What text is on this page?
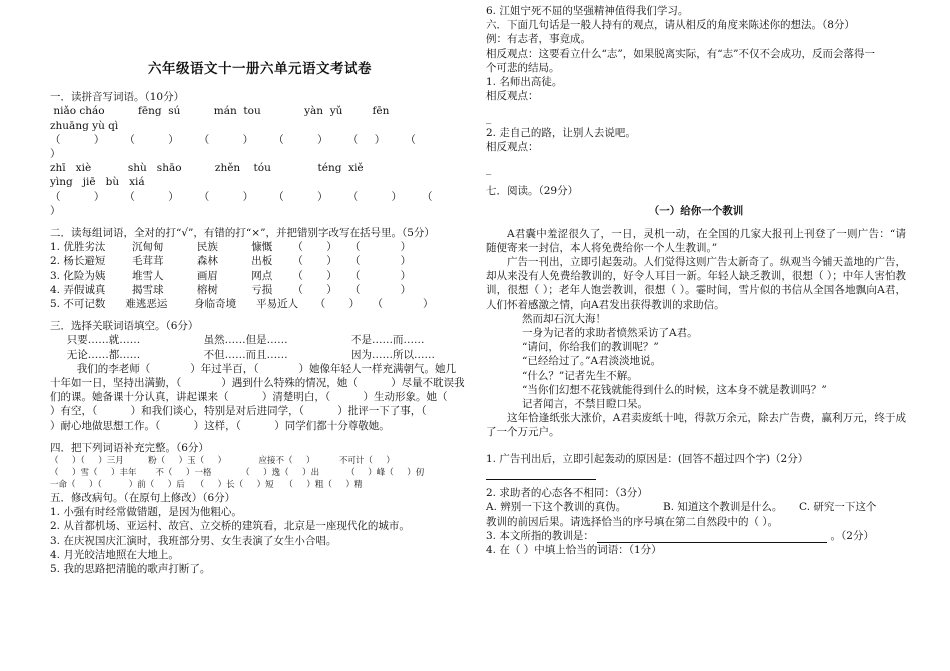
六年级语文十一册六单元语文考试卷
一．读拼音写词语。（10分）
niǎo cháo          fēng  sú          mán  tou             yàn  yǔ         fēn
zhuāng yù qì
（          ）      （          ）      （          ）      （          ）      （     ）      （
）
zhī   xiè           shù   shāo          zhěn    tóu              téng  xiě
yìng   jiē   bù   xiá
（          ）      （          ）      （          ）      （          ）      （          ）      （
）

二．读每组词语，全对的打“√”，有错的打“×”，并把错别字改写在括号里。（5分）
1. 优胜劣汰        沉甸甸          民族          慷慨      （       ）    （            ）
2. 杨长避短        毛茸茸          森林          出板      （       ）    （            ）
3. 化险为姨        堆雪人          画眉          网点      （       ）    （            ）
4. 弄假诚真        揭雪球          榕树          亏损      （       ）    （            ）
5. 不可记数      难逃恶运        身临奇境      平易近人     （       ）    （            ）

三．选择关联词语填空。（6分）
只要……就……                   虽然……但是……                   不是……而……
无论……都……                   不但……而且……                   因为……所以……
我们的李老师（            ）年过半百，（            ）她像年轻人一样充满朝气。她几
十年如一日，坚持出满勤，（            ）遇到什么特殊的情况，她（          ）尽量不耽误我
们的课。她备课十分认真，讲起课来（          ）清楚明白，（          ）生动形象。她（
）有空，（          ）和我们谈心，特别是对后进同学，（          ）批评一下了事，（
）耐心地做思想工作。（          ）这样，（          ）同学们都十分尊敬她。

四．把下列词语补充完整。（6分）
（     ）（     ）三月         粉（     ）玉（     ）            应接不（     ）         不可计（     ）
（     ）雪（     ）丰年       不（     ）一格           （     ）逸（     ）出          （     ）峰（     ）仞
一命（     ）（          ）前（     ）后    （     ）长（     ）短    （     ）粗（     ）精
五．修改病句。（在原句上修改）（6分）
1. 小强有时经常做错题，是因为他粗心。
2. 从首都机场、亚运村、故宫、立交桥的建筑看，北京是一座现代化的城市。
3. 在庆祝国庆汇演时，我班部分男、女生表演了女生小合唱。
4. 月光皎洁地照在大地上。
5. 我的思路把清脆的歌声打断了。
6. 江姐宁死不屈的坚强精神值得我们学习。
六．下面几句话是一般人持有的观点，请从相反的角度来陈述你的想法。（8分）
例：有志者，事竟成。
相反观点：这要看立什么“志”，如果脱离实际，有“志”不仅不会成功，反而会落得一
个可悲的结局。
1. 名师出高徒。
相反观点：

_
2. 走自己的路，让别人去说吧。
相反观点：

_

七．阅读。（29分）
（一）给你一个教训
A君囊中羞涩很久了，一日，灵机一动，在全国的几家大报刊上刊登了一则广告：“请随便寄来一封信，本人将免费给你一个人生教训。”
广告一刊出，立即引起轰动。人们觉得这则广告太新奇了。纵观当今铺天盖地的广告，却从来没有人免费给教训的，好令人耳目一新。年轻人缺乏教训，很想（ ）；中年人害怕教训，很想（ ）；老年人饱尝教训，很想（ ）。霎时间，雪片似的书信从全国各地飘向A君，人们怀着感激之情，向A君发出获得教训的求助信。
然而却石沉大海！
一身为记者的求助者愤然采访了A君。
“请问，你给我们的教训呢？”
“已经给过了。”A君淡淡地说。
“什么？”记者先生不解。
“当你们幻想不花钱就能得到什么的时候，这本身不就是教训吗？”
记者闻言，不禁目瞪口呆。
这年恰逢纸张大涨价，A君卖废纸十吨，得款万余元，除去广告费，赢利万元，终于成了一个万元户。
1. 广告刊出后，立即引起轰动的原因是：(回答不超过四个字)（2分）
2. 求助者的心态各不相同：（3分）
A. 辨别一下这个教训的真伪。           B. 知道这个教训是什么。     C. 研究一下这个
教训的前因后果。请选择恰当的序号填在第二自然段中的（ ）。
3. 本文所指的教训是：	。（2分）
4. 在（ ）中填上恰当的词语：（1分）
